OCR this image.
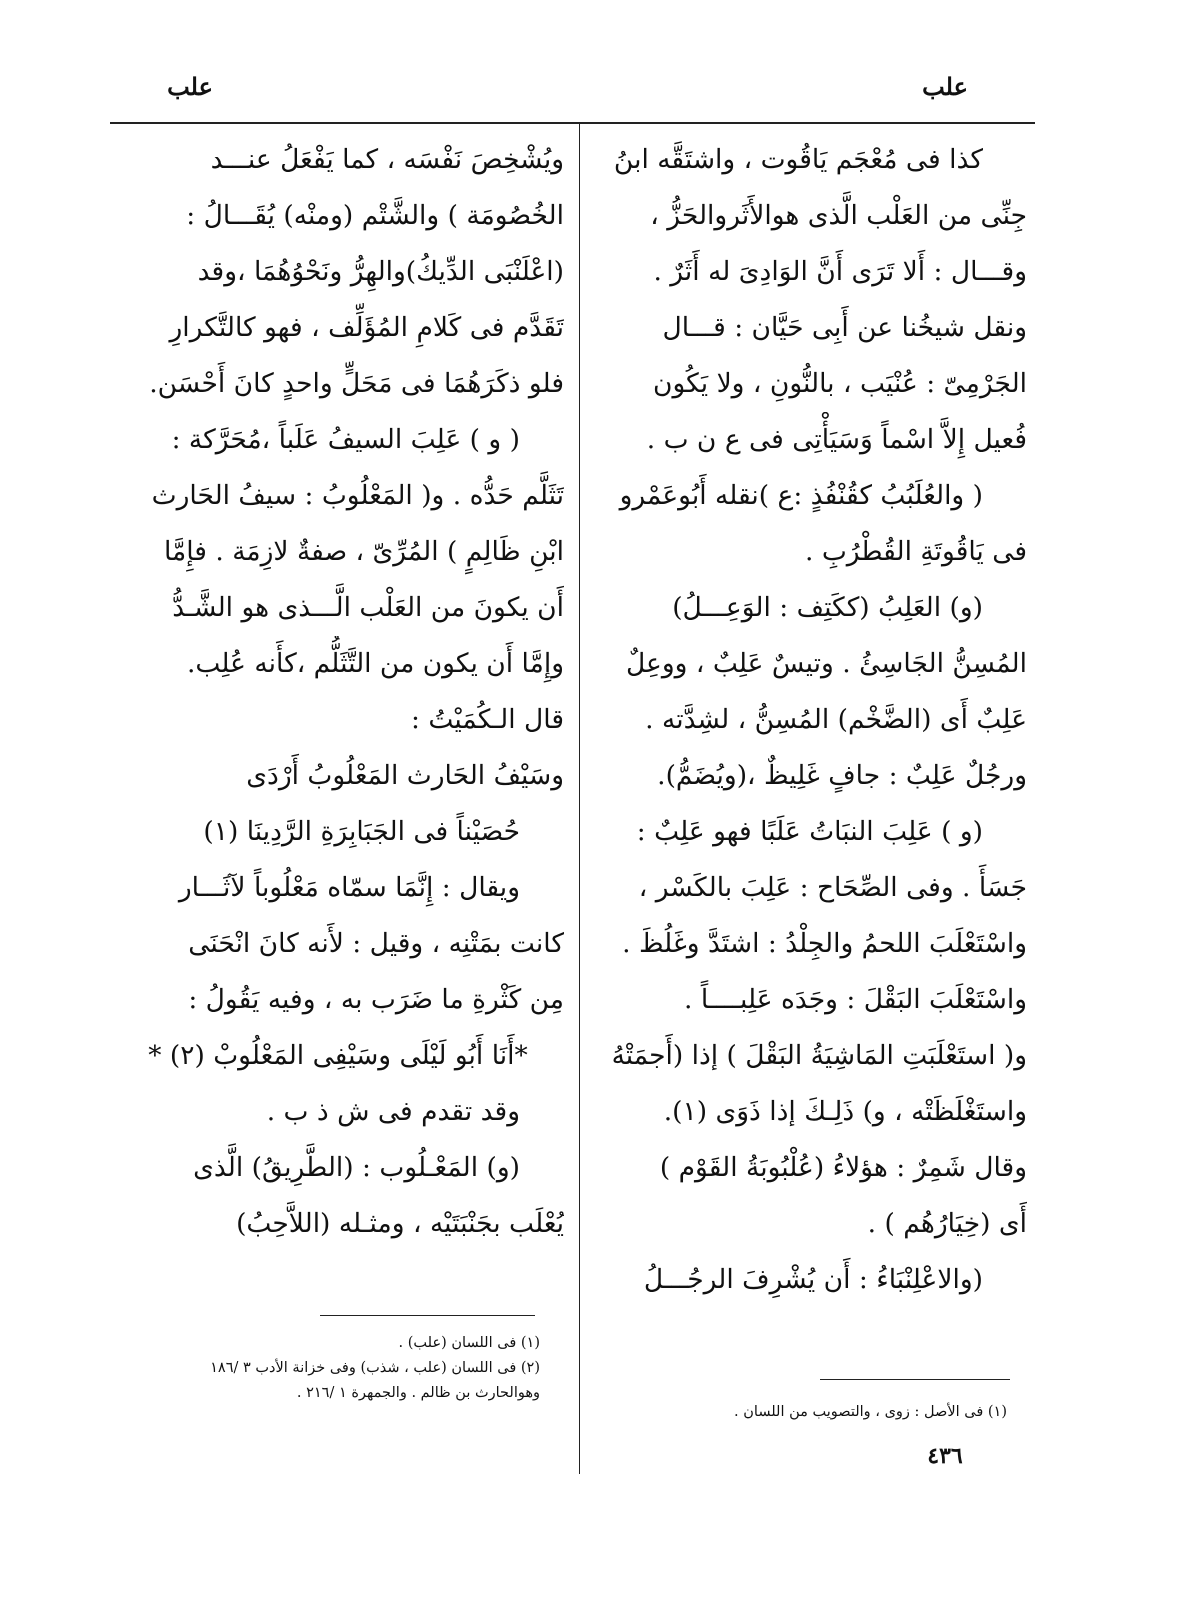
علب
علب
كذا فى مُعْجَم يَاقُوت ، واشتَقَّه ابنُ
جِنِّى من العَلْب الَّذى هوالأَثَروالحَزُّ ،
وقـــال : أَلا تَرَى أَنَّ الوَادِىَ له أَثَرٌ .
ونقل شيخُنا عن أَبِى حَيَّان : قـــال
الجَرْمِىّ : عُنْيَب ، بالنُّونِ ، ولا يَكُون
فُعيل إِلاَّ اسْماً وَسَيَأْتِى فى ع ن ب .
( والعُلَبُبُ كقُنْفُذٍ :ع )نقله أَبُوعَمْرو
فى يَاقُوتَةِ القُطْرُبِ .
(و) العَلِبُ (ككَتِف : الوَعِـــلُ)
المُسِنُّ الجَاسِئُ . وتيسٌ عَلِبٌ ، ووعِلٌ
عَلِبٌ أَى (الضَّخْم) المُسِنُّ ، لشِدَّته .
ورجُلٌ عَلِبٌ : جافٍ غَلِيظٌ ،(ويُضَمُّ).
(و ) عَلِبَ النبَاتُ عَلَبًا فهو عَلِبٌ :
جَسَأَ . وفى الصِّحَاح : عَلِبَ بالكَسْر ،
واسْتَعْلَبَ اللحمُ والجِلْدُ : اشتَدَّ وغَلُظَ .
واسْتَعْلَبَ البَقْلَ : وجَدَه عَلِبــــاً .
و( استَعْلَبَتِ المَاشِيَةُ البَقْلَ ) إذا (أَجمَتْهُ
واستَغْلَظَتْه ، و) ذَلِـكَ إذا ذَوَى (١).
وقال شَمِرٌ : هؤلاءُ (عُلْبُوبَةُ القَوْم )
أَى (خِيَارُهُم ) .
(والاعْلِنْبَاءُ : أَن يُشْرِفَ الرجُـــلُ
ويُشْخِصَ نَفْسَه ، كما يَفْعَلُ عنـــد
الخُصُومَة ) والشَّتْم (ومنْه) يُقَـــالُ :
(اعْلَنْبَى الدِّيكُ)والهِرُّ ونَحْوُهُمَا ،وقد
تَقَدَّم فى كَلامِ المُؤَلِّف ، فهو كالتَّكرارِ
فلو ذكَرَهُمَا فى مَحَلٍّ واحدٍ كانَ أَحْسَن.
( و ) عَلِبَ السيفُ عَلَباً ،مُحَرَّكة :
تَثَلَّم حَدُّه . و( المَعْلُوبُ : سيفُ الحَارث
ابْنِ ظَالِمٍ ) المُرِّىّ ، صفةٌ لازِمَة . فإِمَّا
أَن يكونَ من العَلْب الَّـــذى هو الشَّـدُّ
وإِمَّا أَن يكون من التَّثَلُّم ،كأَنه عُلِب.
قال الـكُمَيْتُ :
وسَيْفُ الحَارث المَعْلُوبُ أَرْدَى
حُصَيْناً فى الجَبَابِرَةِ الرَّدِينَا (١)
ويقال : إِنَّمَا سمّاه مَعْلُوباً لآثَـــار
كانت بمَتْنِه ، وقيل : لأَنه كانَ انْحَنَى
مِن كَثْرةِ ما ضَرَب به ، وفيه يَقُولُ :
*أَنَا أَبُو لَيْلَى وسَيْفِى المَعْلُوبْ (٢) *
وقد تقدم فى ش ذ ب .
(و) المَعْـلُوب : (الطَّرِيقُ) الَّذى
يُعْلَب بجَنْبَتَيْه ، ومثـله (اللاَّحِبُ)
(١) فى الأصل : زوى ، والتصويب من اللسان .
(١) فى اللسان (علب) .
(٢) فى اللسان (علب ، شذب) وفى خزانة الأدب ٣ /١٨٦
وهوالحارث بن ظالم . والجمهرة ١ /٢١٦ .
٤٣٦
